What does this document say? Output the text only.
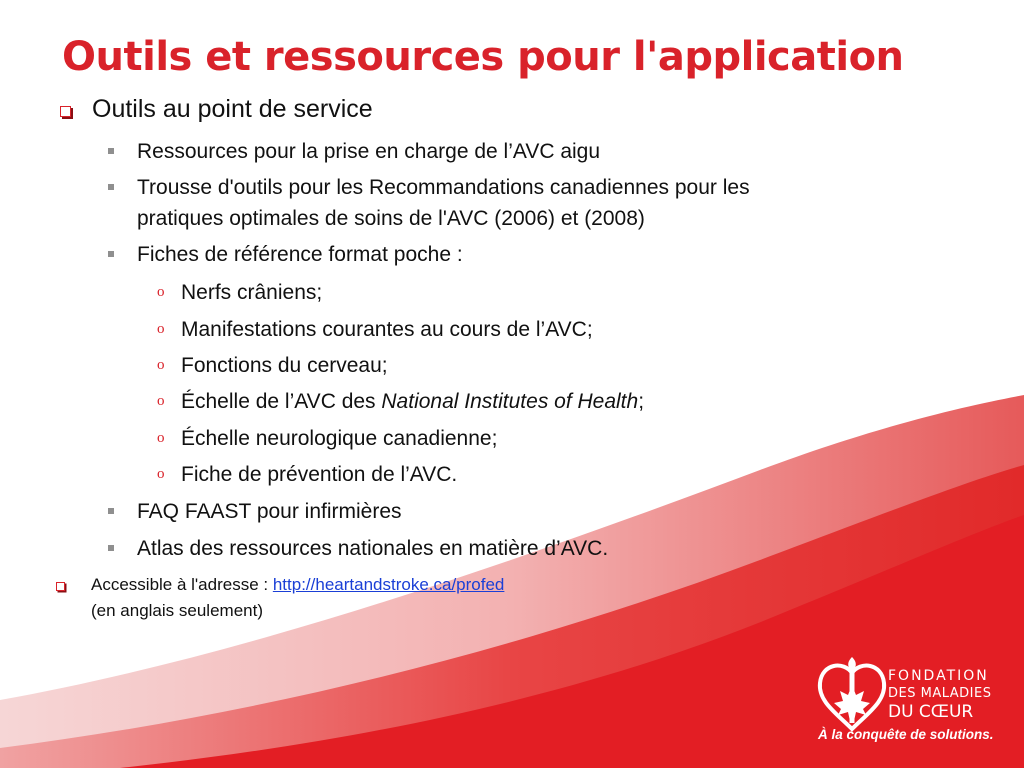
Outils et ressources pour l'application
Outils au point de service
Ressources pour la prise en charge de l’AVC aigu
Trousse d'outils pour les Recommandations canadiennes pour les
pratiques optimales de soins de l'AVC (2006) et (2008)
Fiches de référence format poche :
o Nerfs crâniens;
o Manifestations courantes au cours de l’AVC;
o Fonctions du cerveau;
o Échelle de l’AVC des National Institutes of Health;
o Échelle neurologique canadienne;
o Fiche de prévention de l’AVC.
FAQ FAAST pour infirmières
Atlas des ressources nationales en matière d’AVC.
Accessible à l'adresse : http://heartandstroke.ca/profed
(en anglais seulement)
FONDATION
DES MALADIES
DU CŒUR
À la conquête de solutions.
